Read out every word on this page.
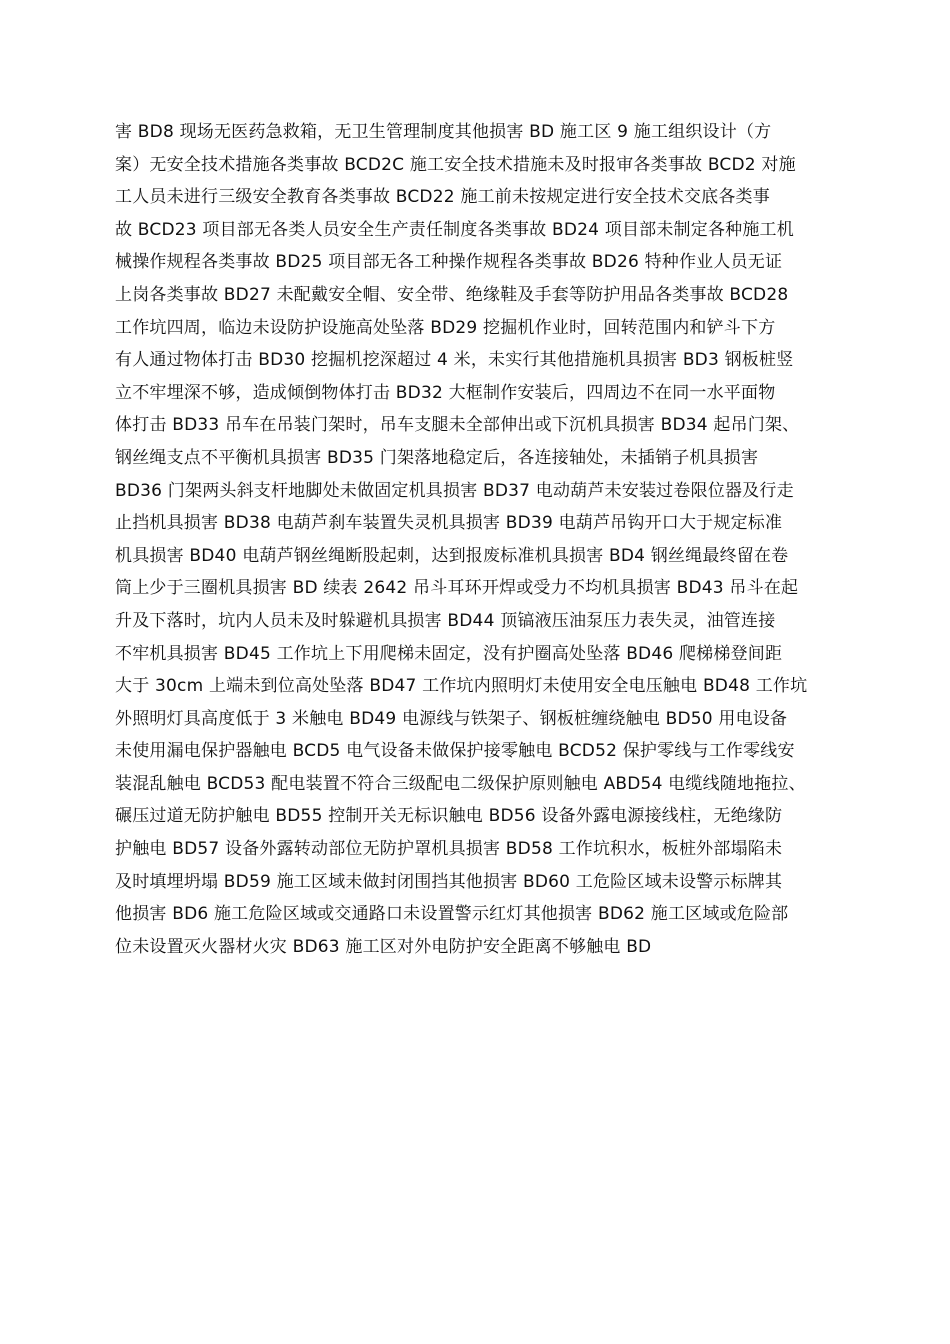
害 BD8 现场无医药急救箱，无卫生管理制度其他损害 BD 施工区 9 施工组织设计（方
案）无安全技术措施各类事故 BCD2C 施工安全技术措施未及时报审各类事故 BCD2 对施
工人员未进行三级安全教育各类事故 BCD22 施工前未按规定进行安全技术交底各类事
故 BCD23 项目部无各类人员安全生产责任制度各类事故 BD24 项目部未制定各种施工机
械操作规程各类事故 BD25 项目部无各工种操作规程各类事故 BD26 特种作业人员无证
上岗各类事故 BD27 未配戴安全帽、安全带、绝缘鞋及手套等防护用品各类事故 BCD28
工作坑四周，临边未设防护设施高处坠落 BD29 挖掘机作业时，回转范围内和铲斗下方
有人通过物体打击 BD30 挖掘机挖深超过 4 米，未实行其他措施机具损害 BD3 钢板桩竖
立不牢埋深不够，造成倾倒物体打击 BD32 大框制作安装后，四周边不在同一水平面物
体打击 BD33 吊车在吊装门架时，吊车支腿未全部伸出或下沉机具损害 BD34 起吊门架、
钢丝绳支点不平衡机具损害 BD35 门架落地稳定后，各连接轴处，未插销子机具损害
BD36 门架两头斜支杆地脚处未做固定机具损害 BD37 电动葫芦未安装过卷限位器及行走
止挡机具损害 BD38 电葫芦刹车装置失灵机具损害 BD39 电葫芦吊钩开口大于规定标准
机具损害 BD40 电葫芦钢丝绳断股起刺，达到报废标准机具损害 BD4 钢丝绳最终留在卷
筒上少于三圈机具损害 BD 续表 2642 吊斗耳环开焊或受力不均机具损害 BD43 吊斗在起
升及下落时，坑内人员未及时躲避机具损害 BD44 顶镐液压油泵压力表失灵，油管连接
不牢机具损害 BD45 工作坑上下用爬梯未固定，没有护圈高处坠落 BD46 爬梯梯登间距
大于 30cm 上端未到位高处坠落 BD47 工作坑内照明灯未使用安全电压触电 BD48 工作坑
外照明灯具高度低于 3 米触电 BD49 电源线与铁架子、钢板桩缠绕触电 BD50 用电设备
未使用漏电保护器触电 BCD5 电气设备未做保护接零触电 BCD52 保护零线与工作零线安
装混乱触电 BCD53 配电装置不符合三级配电二级保护原则触电 ABD54 电缆线随地拖拉、
碾压过道无防护触电 BD55 控制开关无标识触电 BD56 设备外露电源接线柱，无绝缘防
护触电 BD57 设备外露转动部位无防护罩机具损害 BD58 工作坑积水，板桩外部塌陷未
及时填埋坍塌 BD59 施工区域未做封闭围挡其他损害 BD60 工危险区域未设警示标牌其
他损害 BD6 施工危险区域或交通路口未设置警示红灯其他损害 BD62 施工区域或危险部
位未设置灭火器材火灾 BD63 施工区对外电防护安全距离不够触电 BD
